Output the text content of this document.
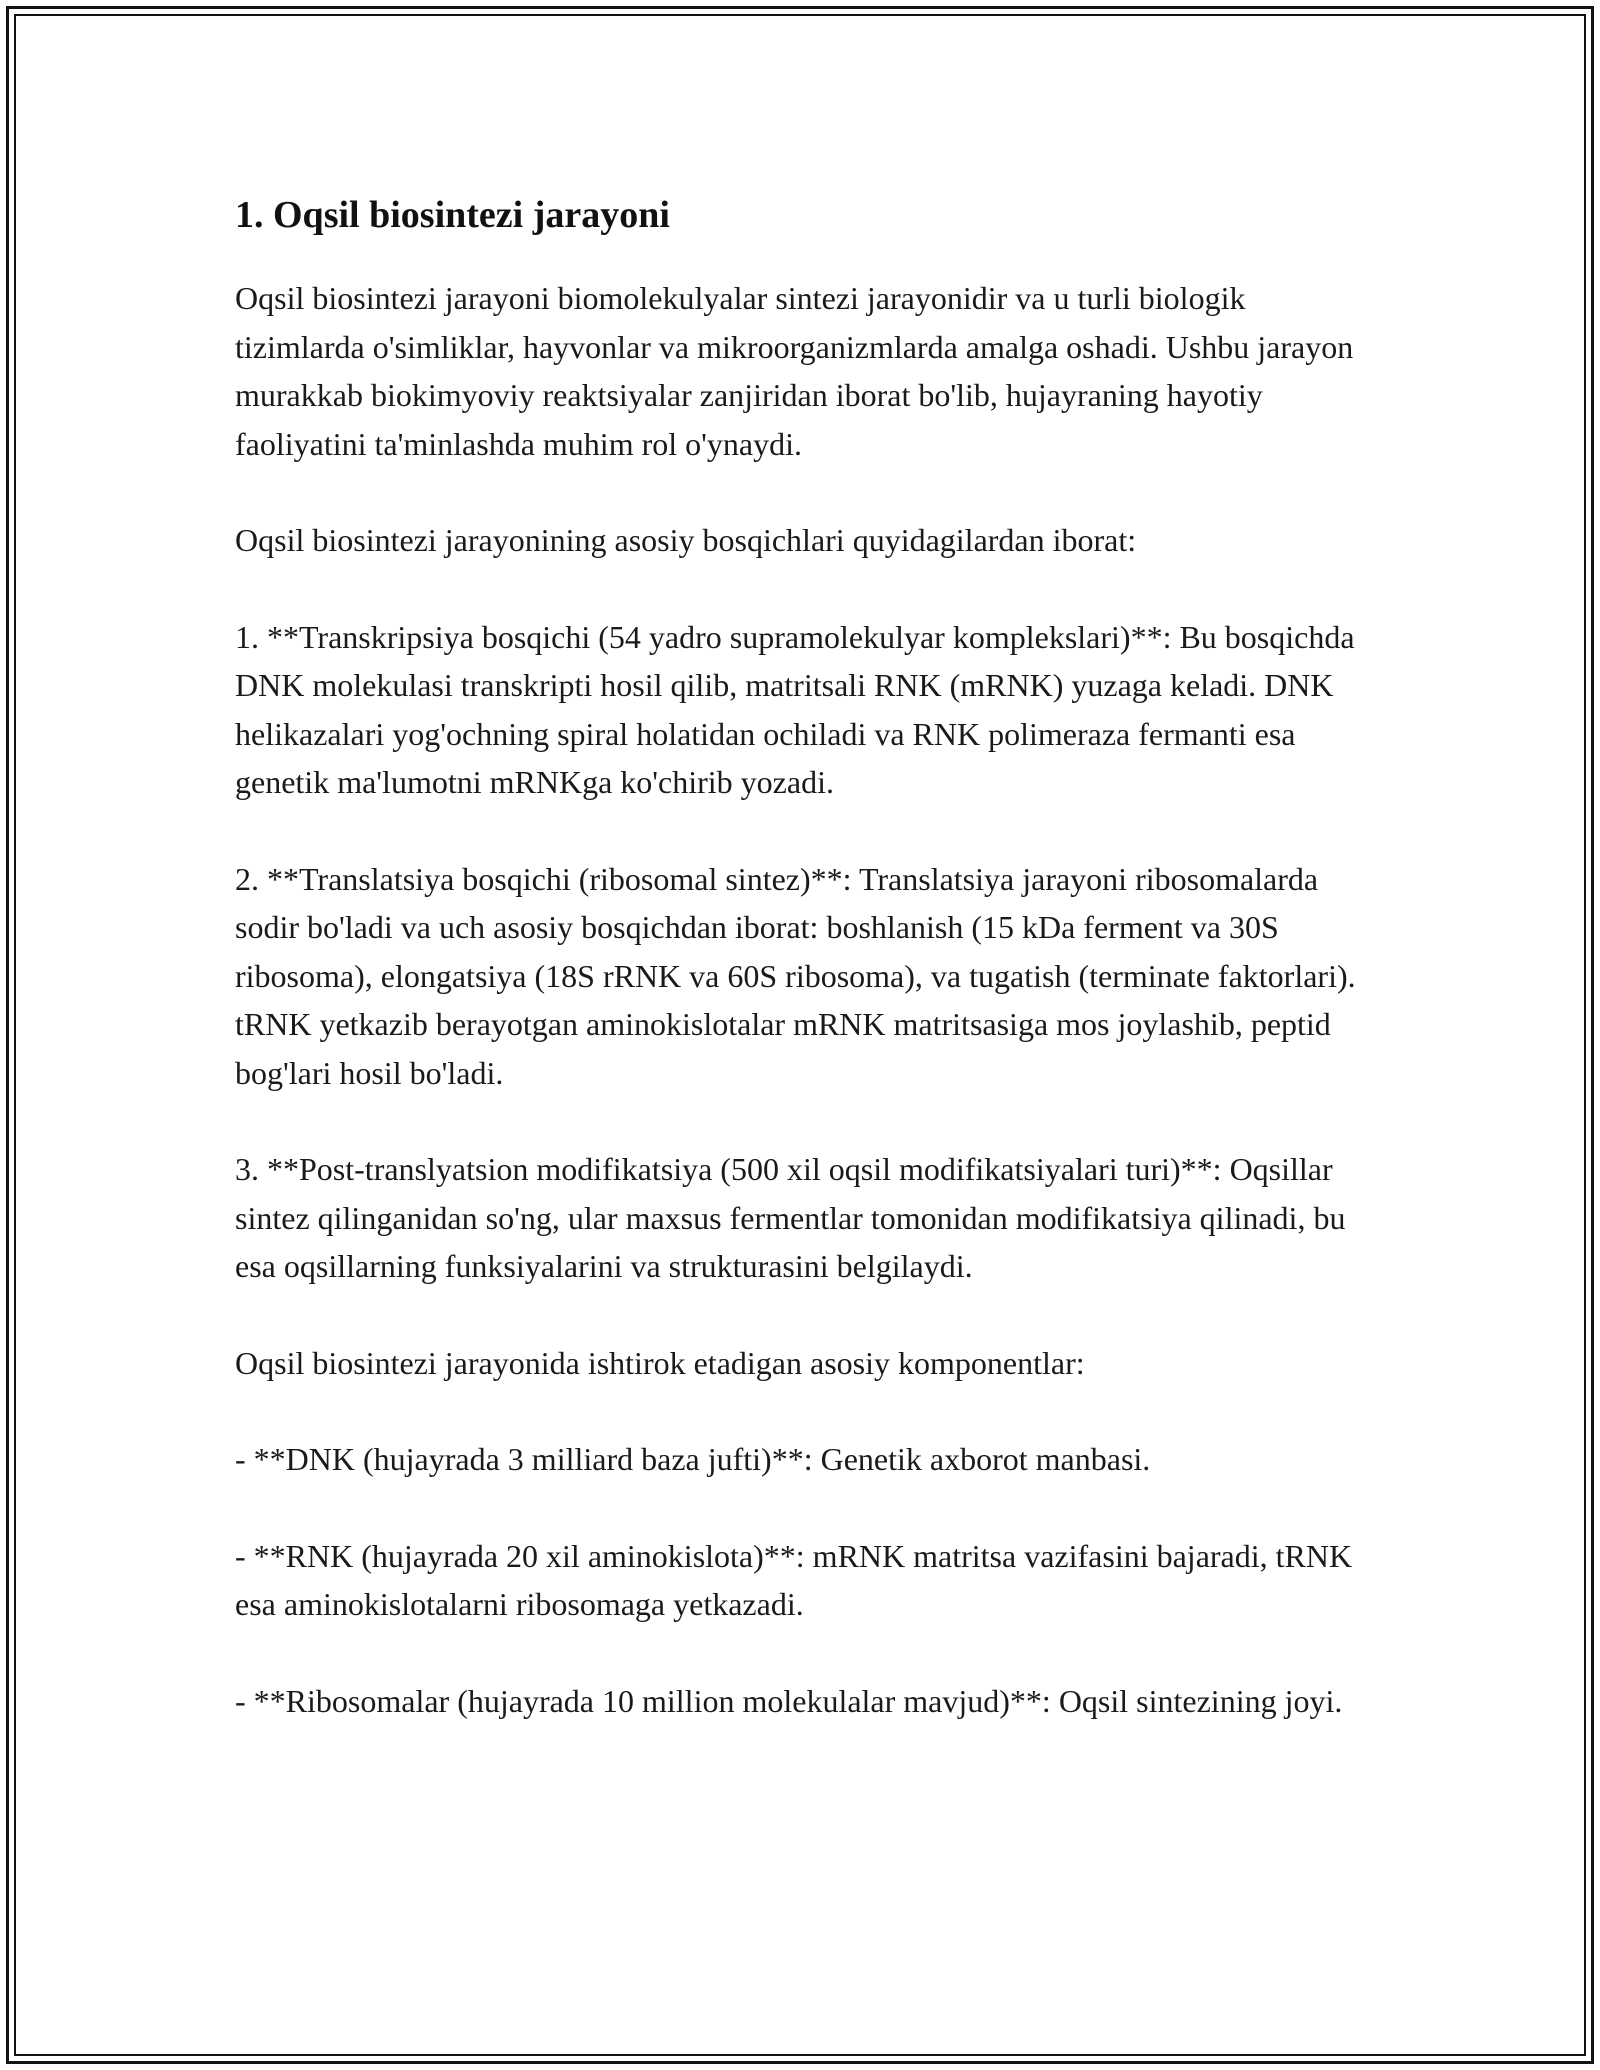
1. Oqsil biosintezi jarayoni

Oqsil biosintezi jarayoni biomolekulyalar sintezi jarayonidir va u turli biologik tizimlarda o'simliklar, hayvonlar va mikroorganizmlarda amalga oshadi. Ushbu jarayon murakkab biokimyoviy reaktsiyalar zanjiridan iborat bo'lib, hujayraning hayotiy faoliyatini ta'minlashda muhim rol o'ynaydi.

Oqsil biosintezi jarayonining asosiy bosqichlari quyidagilardan iborat:

1. **Transkripsiya bosqichi (54 yadro supramolekulyar komplekslari)**: Bu bosqichda DNK molekulasi transkripti hosil qilib, matritsali RNK (mRNK) yuzaga keladi. DNK helikazalari yog'ochning spiral holatidan ochiladi va RNK polimeraza fermanti esa genetik ma'lumotni mRNKga ko'chirib yozadi.

2. **Translatsiya bosqichi (ribosomal sintez)**: Translatsiya jarayoni ribosomalarda sodir bo'ladi va uch asosiy bosqichdan iborat: boshlanish (15 kDa ferment va 30S ribosoma), elongatsiya (18S rRNK va 60S ribosoma), va tugatish (terminate faktorlari). tRNK yetkazib berayotgan aminokislotalar mRNK matritsasiga mos joylashib, peptid bog'lari hosil bo'ladi.

3. **Post-translyatsion modifikatsiya (500 xil oqsil modifikatsiyalari turi)**: Oqsillar sintez qilinganidan so'ng, ular maxsus fermentlar tomonidan modifikatsiya qilinadi, bu esa oqsillarning funksiyalarini va strukturasini belgilaydi.

Oqsil biosintezi jarayonida ishtirok etadigan asosiy komponentlar:

- **DNK (hujayrada 3 milliard baza jufti)**: Genetik axborot manbasi.

- **RNK (hujayrada 20 xil aminokislota)**: mRNK matritsa vazifasini bajaradi, tRNK esa aminokislotalarni ribosomaga yetkazadi.

- **Ribosomalar (hujayrada 10 million molekulalar mavjud)**: Oqsil sintezining joyi.
